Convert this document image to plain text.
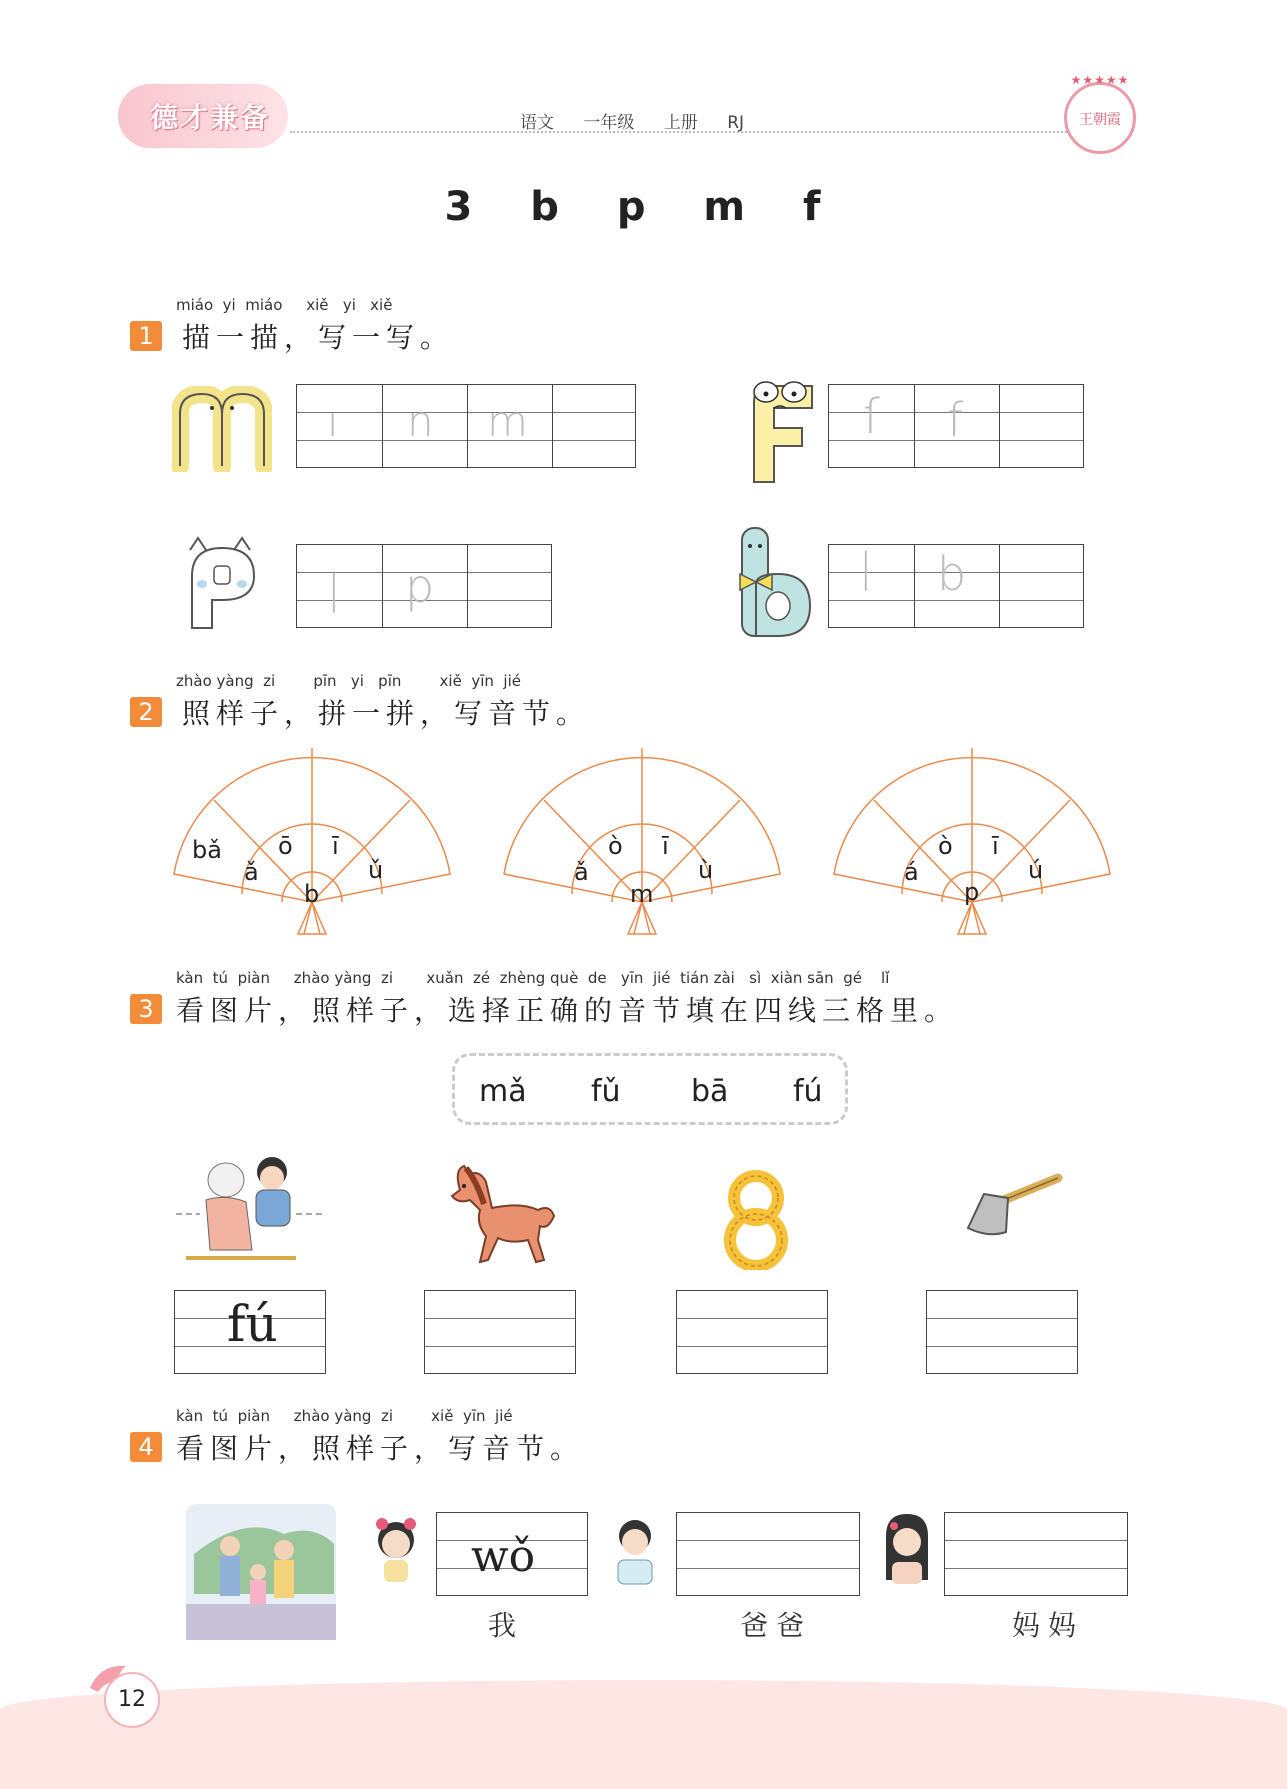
德才兼备	语文 一年级 上册 RJ
★★★★★
王朝霞
3 b p m f
miáo  yi  miáo     xiě   yi   xiě
1 描一描，写一写。
ı n m	ſ f
| p	| b
zhào yàng  zi        pīn   yi   pīn        xiě  yīn  jié
2 照样子，拼一拼，写音节。
bǎ ō ī
ǎ	ǔ
b
ò ī
ǎ	ù
m
ò ī
á	ú
p
kàn  tú  piàn     zhào yàng  zi       xuǎn  zé  zhèng què  de   yīn  jié  tián zài   sì  xiàn sān  gé    lǐ
3 看图片，照样子，选择正确的音节填在四线三格里。
mǎ fǔ bā fú
fú
kàn  tú  piàn     zhào yàng  zi        xiě  yīn  jié
4 看图片，照样子，写音节。
wǒ
我	爸爸	妈妈
12
